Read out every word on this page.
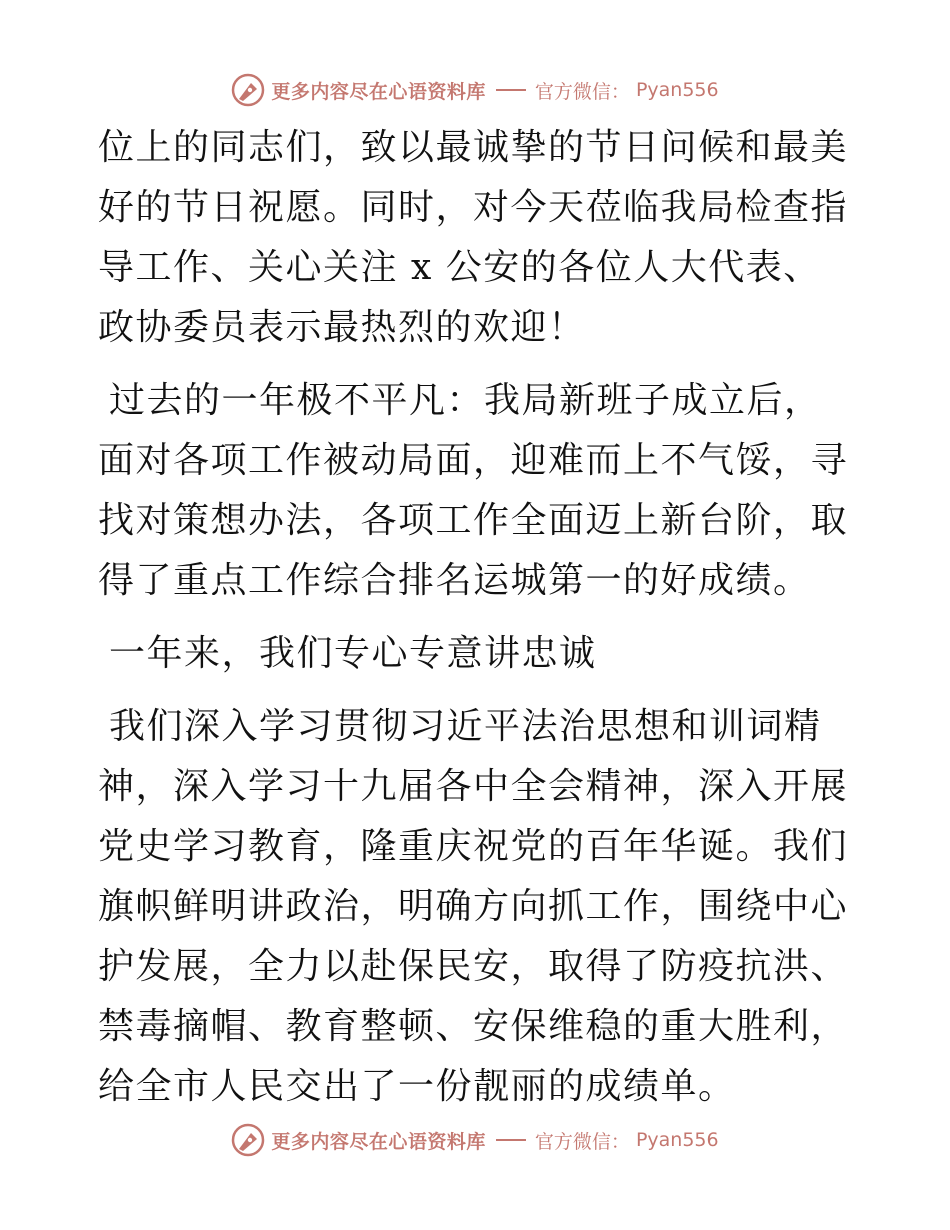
更多内容尽在心语资料库	官方微信： Pyan556

位上的同志们，致以最诚挚的节日问候和最美好的节日祝愿。同时，对今天莅临我局检查指导工作、关心关注 x 公安的各位人大代表、政协委员表示最热烈的欢迎！

过去的一年极不平凡：我局新班子成立后，面对各项工作被动局面，迎难而上不气馁，寻找对策想办法，各项工作全面迈上新台阶，取得了重点工作综合排名运城第一的好成绩。

一年来，我们专心专意讲忠诚

我们深入学习贯彻习近平法治思想和训词精神，深入学习十九届各中全会精神，深入开展党史学习教育，隆重庆祝党的百年华诞。我们旗帜鲜明讲政治，明确方向抓工作，围绕中心护发展，全力以赴保民安，取得了防疫抗洪、禁毒摘帽、教育整顿、安保维稳的重大胜利，给全市人民交出了一份靓丽的成绩单。

更多内容尽在心语资料库	官方微信： Pyan556
